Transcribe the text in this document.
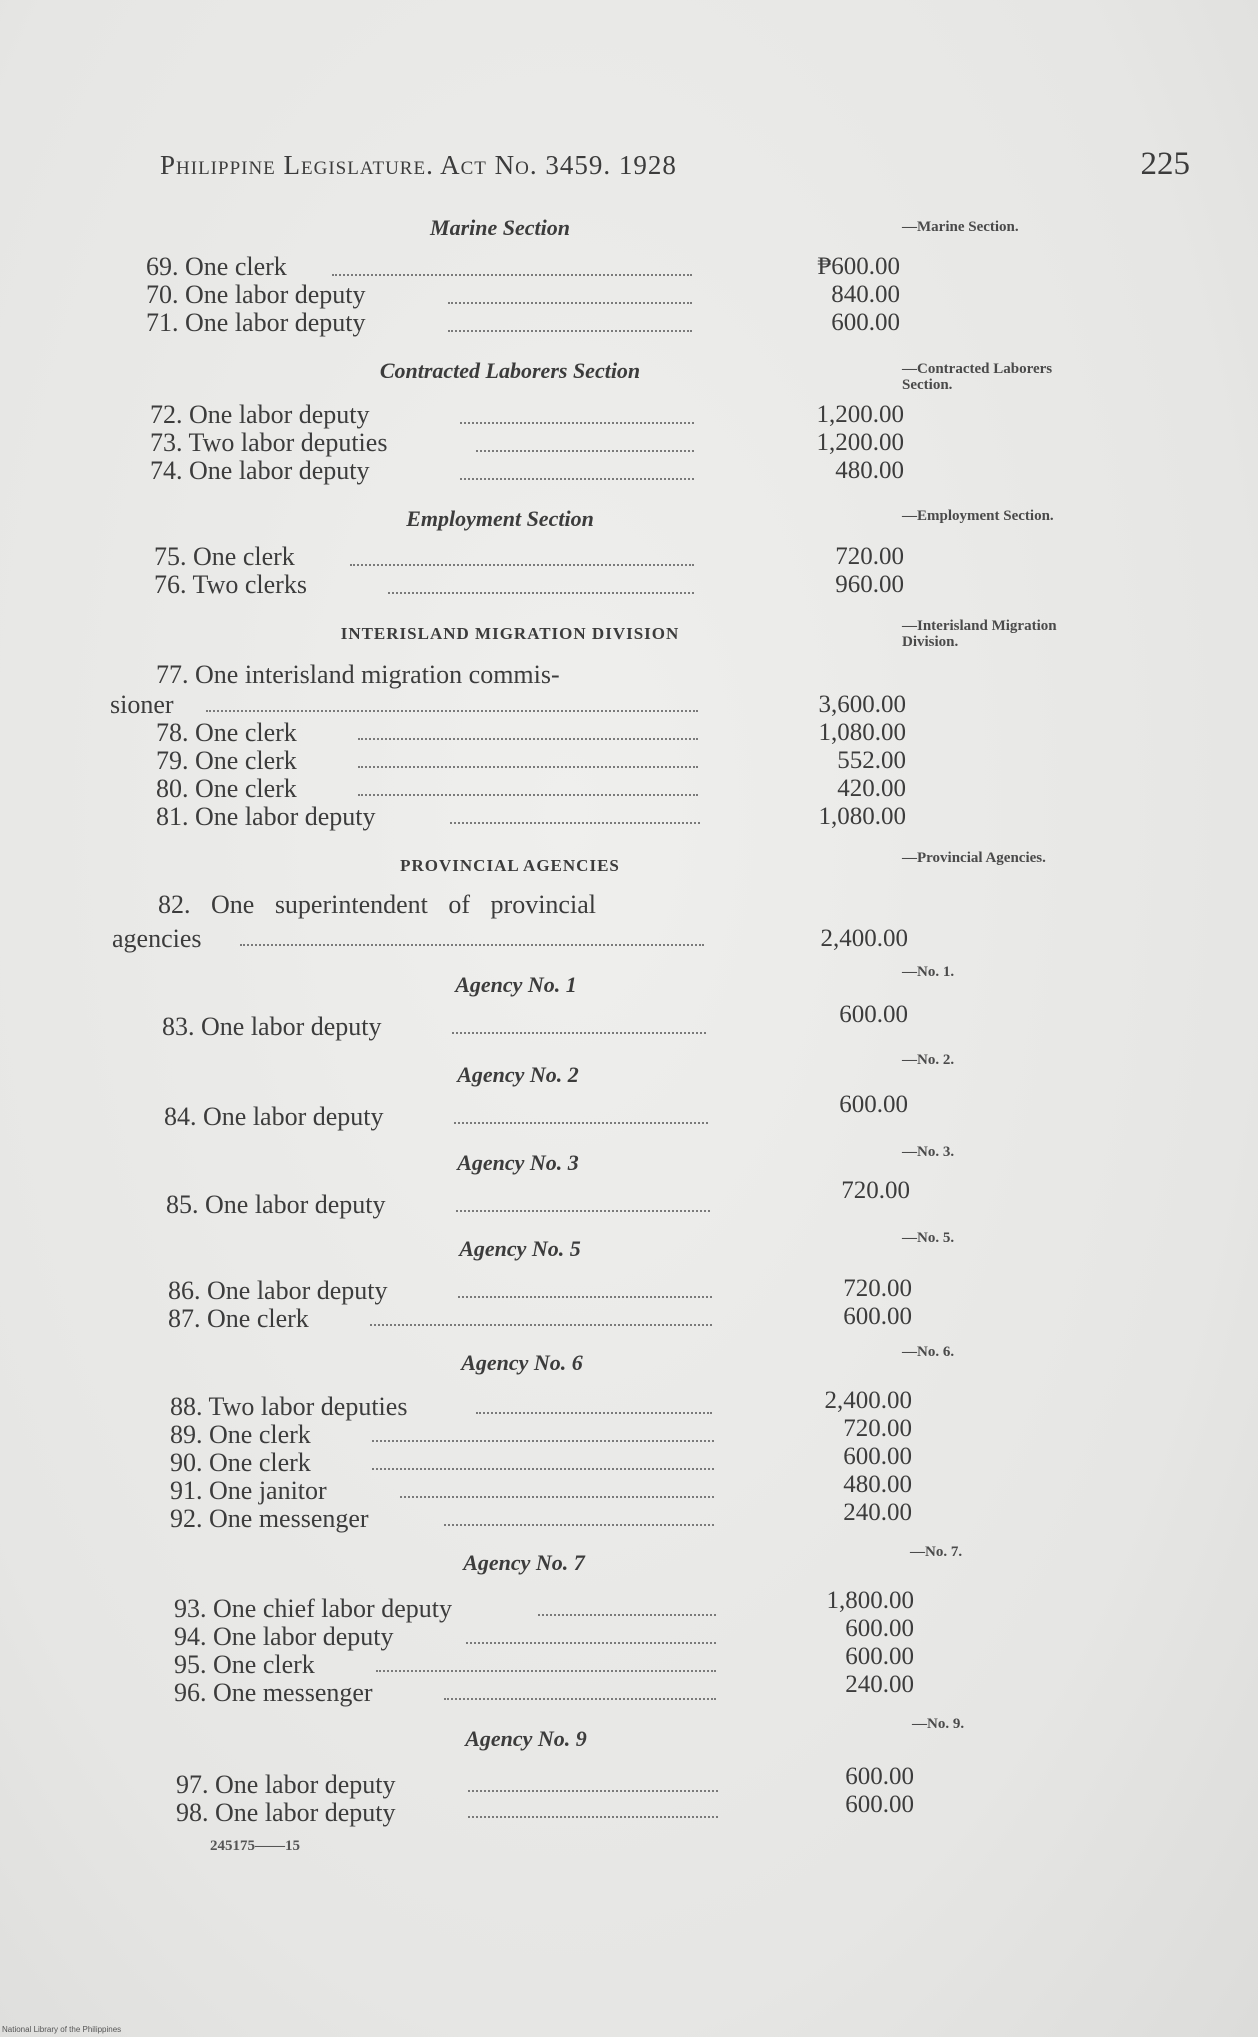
Philippine Legislature. Act No. 3459. 1928	225
Marine Section	—Marine Section.
69. One clerk	₱600.00
70. One labor deputy	840.00
71. One labor deputy	600.00
Contracted Laborers Section	—Contracted Laborers Section.
72. One labor deputy	1,200.00
73. Two labor deputies	1,200.00
74. One labor deputy	480.00
Employment Section	—Employment Section.
75. One clerk	720.00
76. Two clerks	960.00
INTERISLAND MIGRATION DIVISION	—Interisland Migration Division.
77. One interisland migration commis-
sioner	3,600.00
78. One clerk	1,080.00
79. One clerk	552.00
80. One clerk	420.00
81. One labor deputy	1,080.00
PROVINCIAL AGENCIES	—Provincial Agencies.
82. One superintendent of provincial
agencies	2,400.00
Agency No. 1	—No. 1.
83. One labor deputy	600.00
Agency No. 2
—No. 2.
84. One labor deputy	600.00
Agency No. 3	—No. 3.
85. One labor deputy	720.00
Agency No. 5	—No. 5.
86. One labor deputy	720.00
87. One clerk	600.00
Agency No. 6	—No. 6.
88. Two labor deputies	2,400.00
89. One clerk	720.00
90. One clerk	600.00
91. One janitor	480.00
92. One messenger	240.00
Agency No. 7	—No. 7.
93. One chief labor deputy	1,800.00
94. One labor deputy	600.00
95. One clerk	600.00
96. One messenger	240.00
Agency No. 9
—No. 9.
97. One labor deputy	600.00
98. One labor deputy	600.00
245175——15
National Library of the Philippines
